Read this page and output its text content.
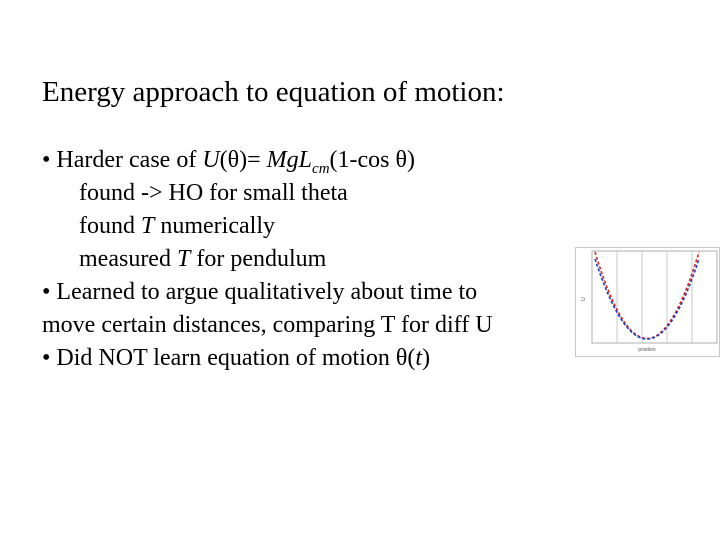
Energy approach to equation of motion:
• Harder case of U(θ)= MgL$_{cm}$(1-cos θ)
found -> HO for small theta
found T numerically
measured T for pendulum
• Learned to argue qualitatively about time to
move certain distances, comparing T for diff U
• Did NOT learn equation of motion θ(t)
U
position
